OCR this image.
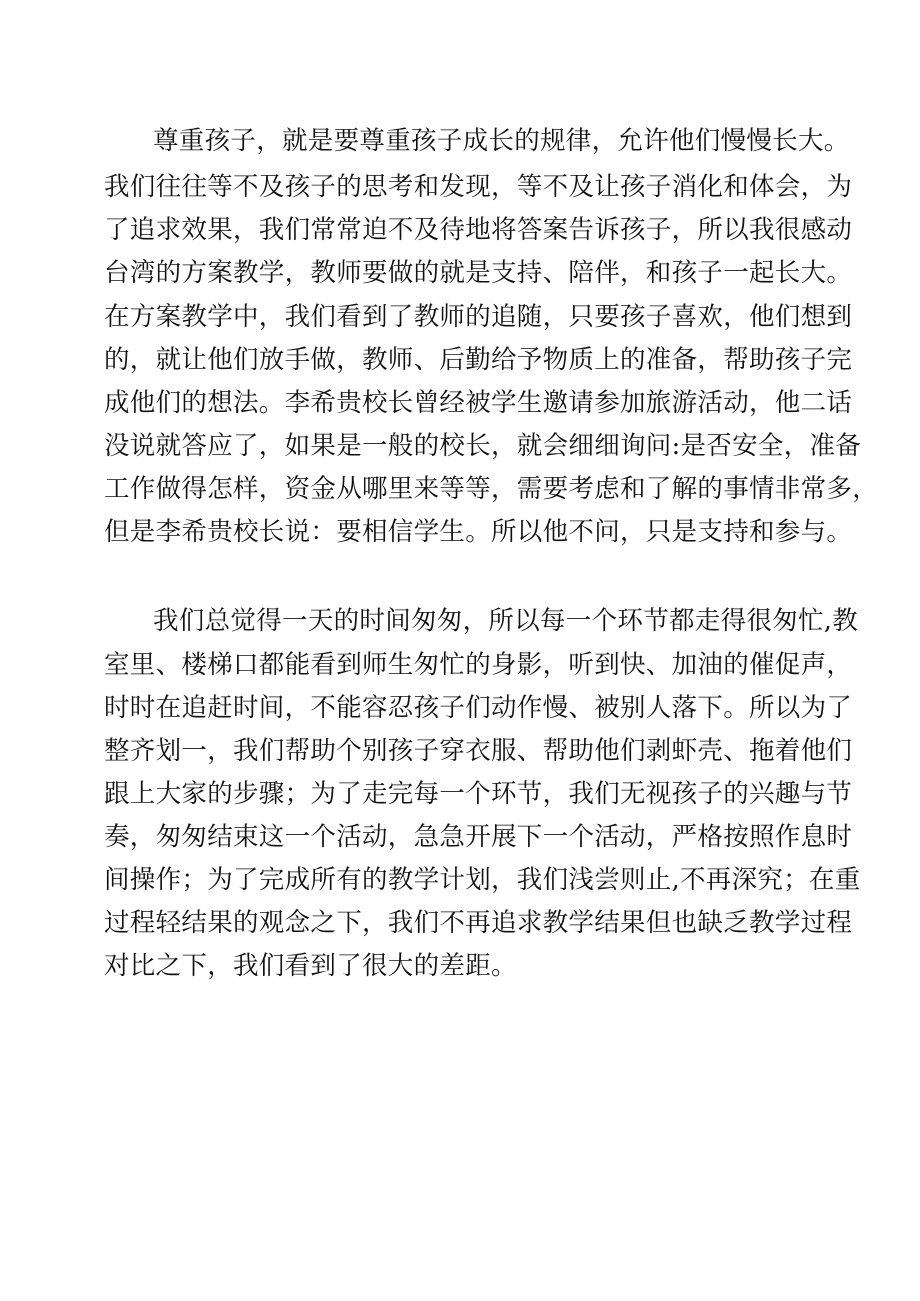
尊重孩子，就是要尊重孩子成长的规律，允许他们慢慢长大。
我们往往等不及孩子的思考和发现，等不及让孩子消化和体会，为
了追求效果，我们常常迫不及待地将答案告诉孩子，所以我很感动
台湾的方案教学，教师要做的就是支持、陪伴，和孩子一起长大。
在方案教学中，我们看到了教师的追随，只要孩子喜欢，他们想到
的，就让他们放手做，教师、后勤给予物质上的准备，帮助孩子完
成他们的想法。李希贵校长曾经被学生邀请参加旅游活动，他二话
没说就答应了，如果是一般的校长，就会细细询问:是否安全，准备
工作做得怎样，资金从哪里来等等，需要考虑和了解的事情非常多，
但是李希贵校长说：要相信学生。所以他不问，只是支持和参与。
我们总觉得一天的时间匆匆，所以每一个环节都走得很匆忙,教
室里、楼梯口都能看到师生匆忙的身影，听到快、加油的催促声，
时时在追赶时间，不能容忍孩子们动作慢、被别人落下。所以为了
整齐划一，我们帮助个别孩子穿衣服、帮助他们剥虾壳、拖着他们
跟上大家的步骤；为了走完每一个环节，我们无视孩子的兴趣与节
奏，匆匆结束这一个活动，急急开展下一个活动，严格按照作息时
间操作；为了完成所有的教学计划，我们浅尝则止,不再深究；在重
过程轻结果的观念之下，我们不再追求教学结果但也缺乏教学过程
对比之下，我们看到了很大的差距。
